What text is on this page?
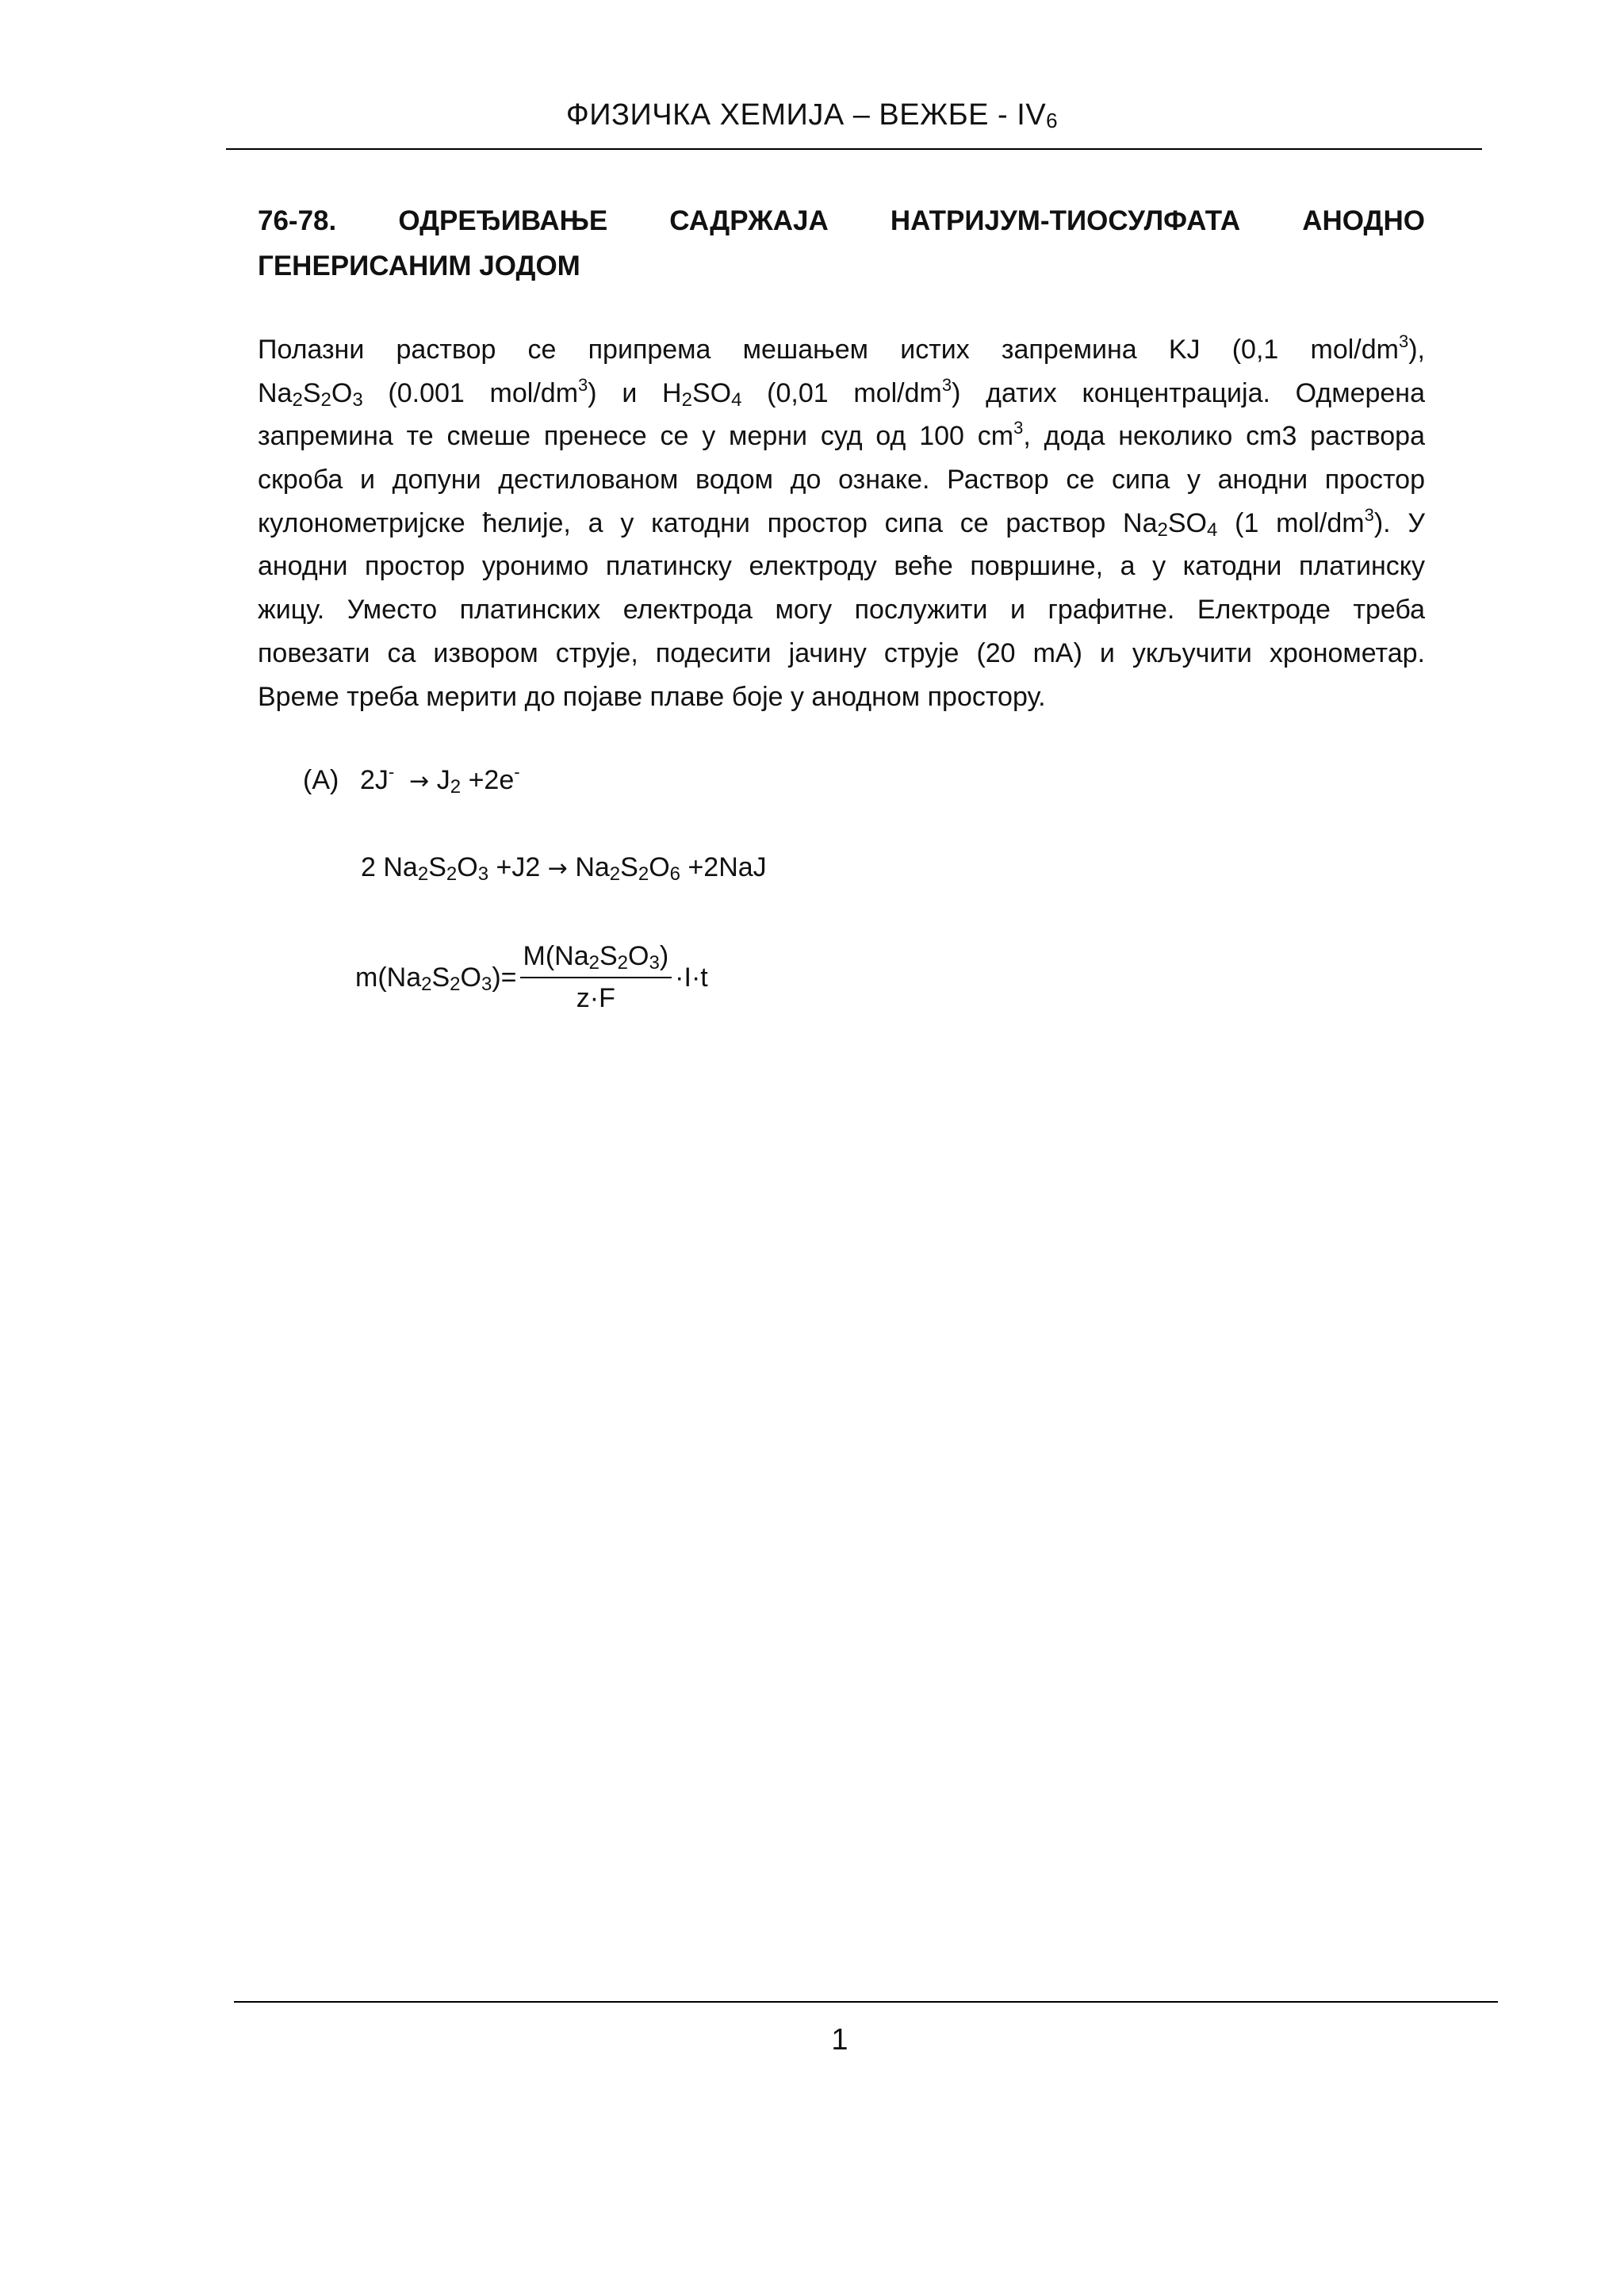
ФИЗИЧКА ХЕМИЈА – ВЕЖБЕ - $IV_6$
76-78. ОДРЕЂИВАЊЕ САДРЖАЈА НАТРИЈУМ-ТИОСУЛФАТА АНОДНО ГЕНЕРИСАНИМ ЈОДОМ
Полазни раствор се припрема мешањем истих запремина KJ (0,1 mol/$dm^3$),
$Na_2S_2O_3$ (0.001 mol/$dm^3$) и $H_2SO_4$ (0,01 mol/$dm^3$) датих концентрација. Одмерена
запремина те смеше пренесе се у мерни суд од 100 $cm^3$, дода неколико cm3 раствора
скроба и допуни дестилованом водом до ознаке. Раствор се сипа у анодни простор
кулонометријске ћелије, а у катодни простор сипа се раствор $Na_2SO_4$ (1 mol/$dm^3$). У
анодни простор уронимо платинску електроду веће површине, а у катодни платинску
жицу. Уместо платинских електрода могу послужити и графитне. Електроде треба
повезати са извором струје, подесити јачину струје (20 mA) и укључити хронометар.
Време треба мерити до појаве плаве боје у анодном простору.
(A) $2J^- \to J_2 +2e^-$
2 $Na_2S_2O_3 +J2 \to Na_2S_2O_6 +2NaJ$
$m(Na_2S_2O_3)= \frac{M(Na_2S_2O_3)}{z\cdot F} \cdot I\cdot t$
1
